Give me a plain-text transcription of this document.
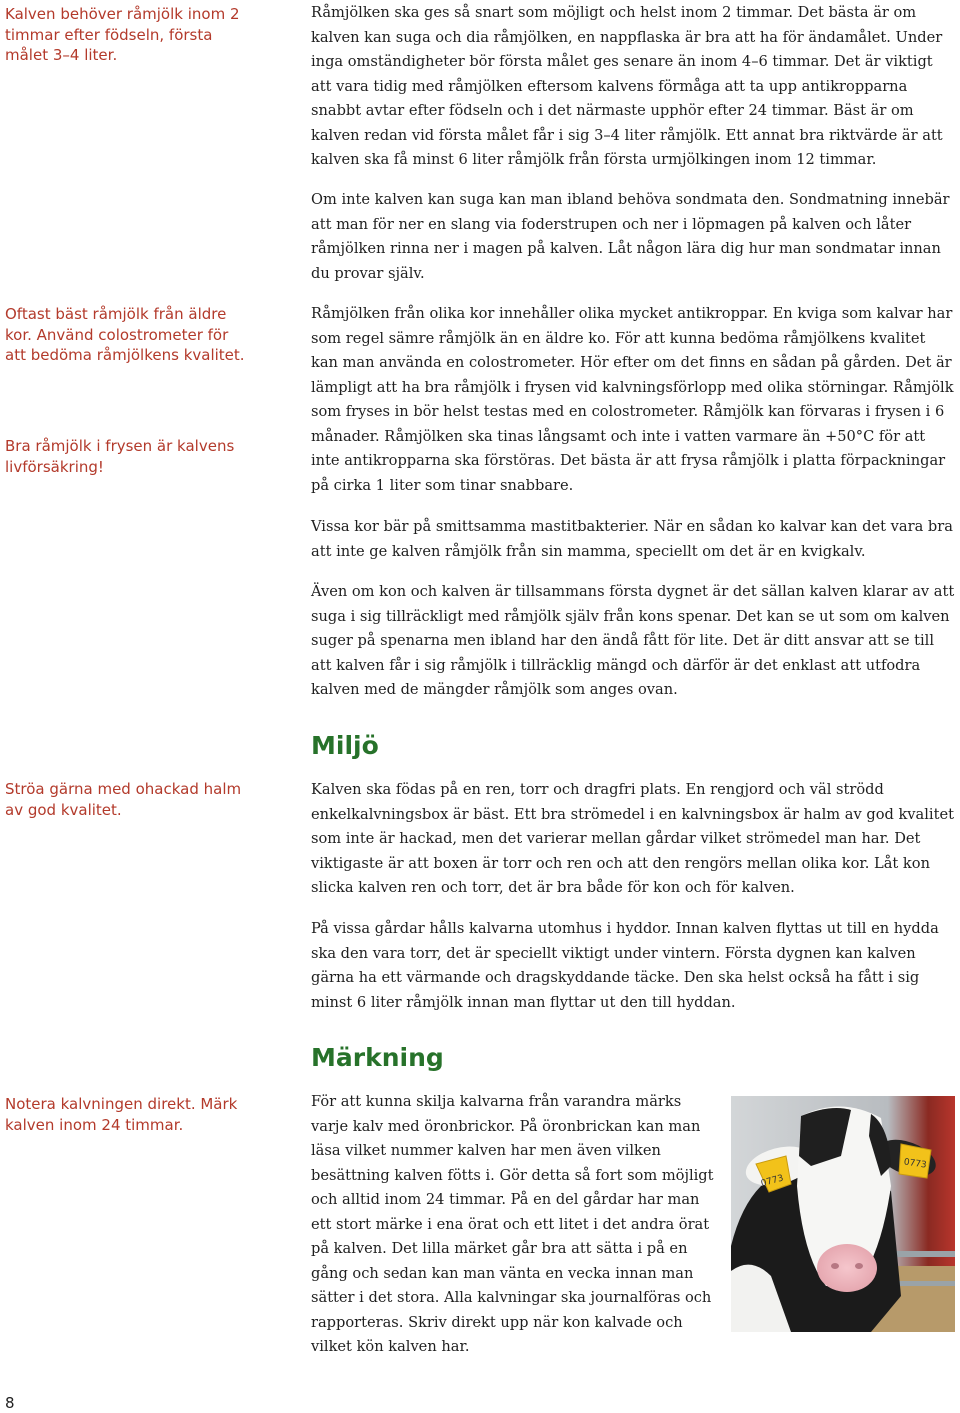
Kalven behöver råmjölk inom 2 timmar efter födseln, första målet 3–4 liter.
Oftast bäst råmjölk från äldre kor. Använd colostrometer för att bedöma råmjölkens kvalitet.
Bra råmjölk i frysen är kalvens livförsäkring!
Ströa gärna med ohackad halm av god kvalitet.
Notera kalvningen direkt. Märk kalven inom 24 timmar.

Råmjölken ska ges så snart som möjligt och helst inom 2 timmar. Det bästa är om kalven kan suga och dia råmjölken, en nappflaska är bra att ha för ändamålet. Under inga omständigheter bör första målet ges senare än inom 4–6 timmar. Det är viktigt att vara tidig med råmjölken eftersom kalvens förmåga att ta upp antikropparna snabbt avtar efter födseln och i det närmaste upphör efter 24 timmar. Bäst är om kalven redan vid första målet får i sig 3–4 liter råmjölk. Ett annat bra riktvärde är att kalven ska få minst 6 liter råmjölk från första urmjölkingen inom 12 timmar.

Om inte kalven kan suga kan man ibland behöva sondmata den. Sondmatning innebär att man för ner en slang via foderstrupen och ner i löpmagen på kalven och låter råmjölken rinna ner i magen på kalven. Låt någon lära dig hur man sondmatar innan du provar själv.

Råmjölken från olika kor innehåller olika mycket antikroppar. En kviga som kalvar har som regel sämre råmjölk än en äldre ko. För att kunna bedöma råmjölkens kvalitet kan man använda en colostrometer. Hör efter om det finns en sådan på gården. Det är lämpligt att ha bra råmjölk i frysen vid kalvningsförlopp med olika störningar. Råmjölk som fryses in bör helst testas med en colostrometer. Råmjölk kan förvaras i frysen i 6 månader. Råmjölken ska tinas långsamt och inte i vatten varmare än +50°C för att inte antikropparna ska förstöras. Det bästa är att frysa råmjölk i platta förpackningar på cirka 1 liter som tinar snabbare.

Vissa kor bär på smittsamma mastitbakterier. När en sådan ko kalvar kan det vara bra att inte ge kalven råmjölk från sin mamma, speciellt om det är en kvigkalv.

Även om kon och kalven är tillsammans första dygnet är det sällan kalven klarar av att suga i sig tillräckligt med råmjölk själv från kons spenar. Det kan se ut som om kalven suger på spenarna men ibland har den ändå fått för lite. Det är ditt ansvar att se till att kalven får i sig råmjölk i tillräcklig mängd och därför är det enklast att utfodra kalven med de mängder råmjölk som anges ovan.

Miljö

Kalven ska födas på en ren, torr och dragfri plats. En rengjord och väl strödd enkelkalvningsbox är bäst. Ett bra strömedel i en kalvningsbox är halm av god kvalitet som inte är hackad, men det varierar mellan gårdar vilket strömedel man har. Det viktigaste är att boxen är torr och ren och att den rengörs mellan olika kor. Låt kon slicka kalven ren och torr, det är bra både för kon och för kalven.

På vissa gårdar hålls kalvarna utomhus i hyddor. Innan kalven flyttas ut till en hydda ska den vara torr, det är speciellt viktigt under vintern. Första dygnen kan kalven gärna ha ett värmande och dragskyddande täcke. Den ska helst också ha fått i sig minst 6 liter råmjölk innan man flyttar ut den till hyddan.

Märkning

För att kunna skilja kalvarna från varandra märks varje kalv med öronbrickor. På öronbrickan kan man läsa vilket nummer kalven har men även vilken besättning kalven fötts i. Gör detta så fort som möjligt och alltid inom 24 timmar. På en del gårdar har man ett stort märke i ena örat och ett litet i det andra örat på kalven. Det lilla märket går bra att sätta i på en gång och sedan kan man vänta en vecka innan man sätter i det stora. Alla kalvningar ska journalföras och rapporteras. Skriv direkt upp när kon kalvade och vilket kön kalven har.

0773
0773
8
